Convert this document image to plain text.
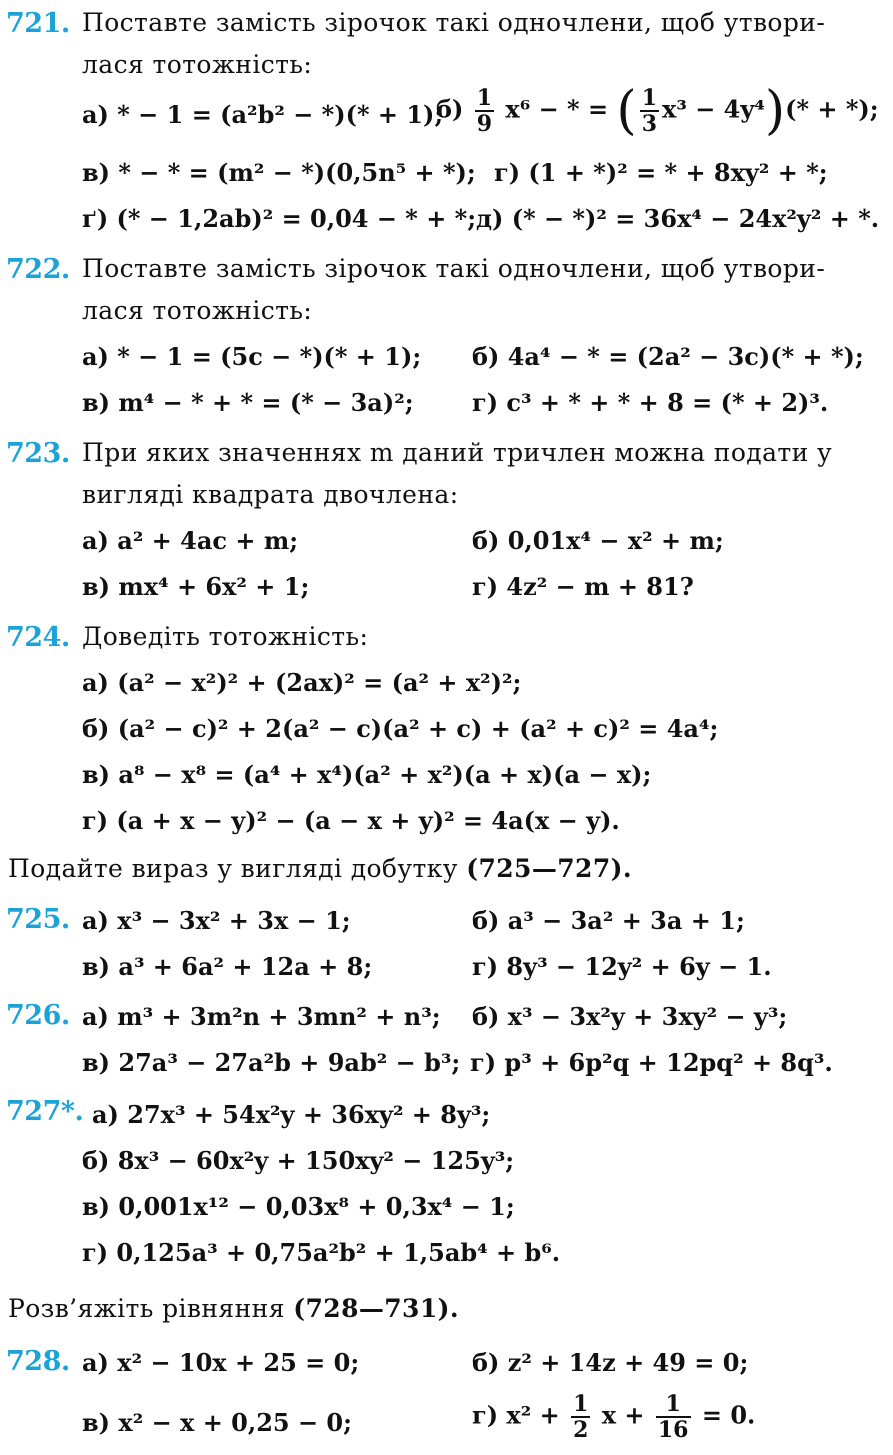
721. Поставте замість зірочок такі одночлени, щоб утвори-
лася тотожність:
а) * − 1 = (a²b² − *)(* + 1);
$б) \frac{1}{9} x^6$ − * = ( $\frac{1}{3} x^3 - 4y^4)(*$ + *);
в) * − * = (m² − *)(0,5n⁵ + *); г) (1 + *)² = * + 8xy² + *;
ґ) (* − 1,2ab)² = 0,04 − * + *; д) (* − *)² = 36x⁴ − 24x²y² + *.
722. Поставте замість зірочок такі одночлени, щоб утвори-
лася тотожність:
а) * − 1 = (5c − *)(* + 1); б) 4a⁴ − * = (2a² − 3c)(* + *);
в) m⁴ − * + * = (* − 3a)²; г) c³ + * + * + 8 = (* + 2)³.
723. При яких значеннях m даний тричлен можна подати у
вигляді квадрата двочлена:
а) a² + 4ac + m;	б) 0,01x⁴ − x² + m;
в) mx⁴ + 6x² + 1;	г) 4z² − m + 81?
724. Доведіть тотожність:
а) (a² − x²)² + (2ax)² = (a² + x²)²;
б) (a² − c)² + 2(a² − c)(a² + c) + (a² + c)² = 4a⁴;
в) a⁸ − x⁸ = (a⁴ + x⁴)(a² + x²)(a + x)(a − x);
г) (a + x − y)² − (a − x + y)² = 4a(x − y).
Подайте вираз у вигляді добутку (725—727).
725. а) x³ − 3x² + 3x − 1;	б) a³ − 3a² + 3a + 1;
в) a³ + 6a² + 12a + 8;	г) 8y³ − 12y² + 6y − 1.
726. а) m³ + 3m²n + 3mn² + n³; б) x³ − 3x²y + 3xy² − y³;
в) 27a³ − 27a²b + 9ab² − b³; г) p³ + 6p²q + 12pq² + 8q³.
727*. а) 27x³ + 54x²y + 36xy² + 8y³;
б) 8x³ − 60x²y + 150xy² − 125y³;
в) 0,001x¹² − 0,03x⁸ + 0,3x⁴ − 1;
г) 0,125a³ + 0,75a²b² + 1,5ab⁴ + b⁶.
Розв’яжіть рівняння (728—731).
728. а) x² − 10x + 25 = 0;	б) z² + 14z + 49 = 0;
в) x² − x + 0,25 − 0;	г) $x^2 + \frac{1}{2}$ $x + \frac{1}{16} = 0$.
